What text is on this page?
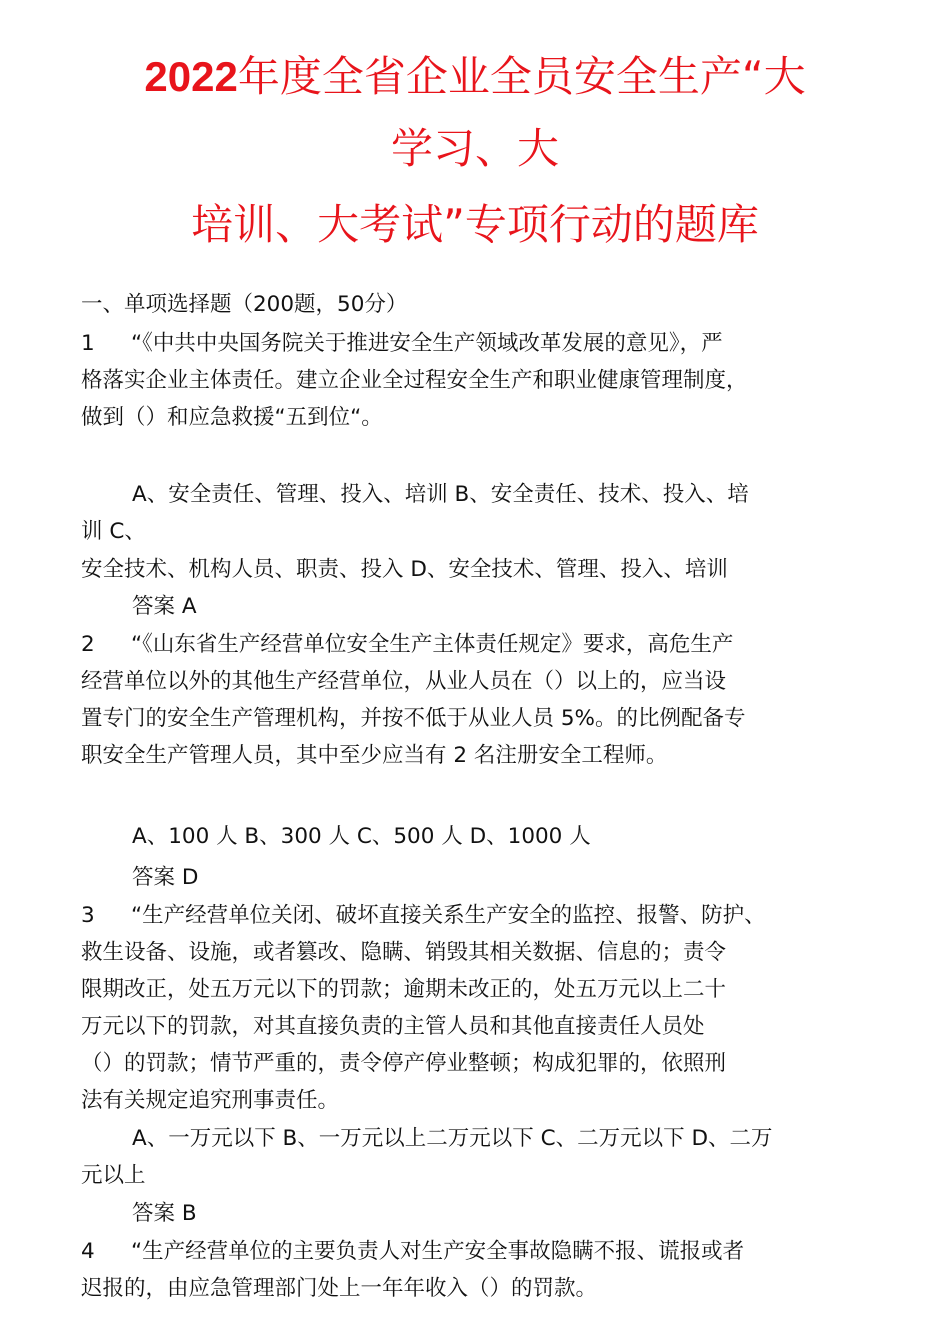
2022年度全省企业全员安全生产“大
学习、大
培训、大考试”专项行动的题库
一、单项选择题（200题，50分）
1 “《中共中央国务院关于推进安全生产领域改革发展的意见》，严
格落实企业主体责任。建立企业全过程安全生产和职业健康管理制度，
做到（）和应急救援“五到位“。
A、安全责任、管理、投入、培训 B、安全责任、技术、投入、培
训 C、
安全技术、机构人员、职责、投入 D、安全技术、管理、投入、培训
答案 A
2 “《山东省生产经营单位安全生产主体责任规定》要求，高危生产
经营单位以外的其他生产经营单位，从业人员在（）以上的，应当设
置专门的安全生产管理机构，并按不低于从业人员 5%。的比例配备专
职安全生产管理人员，其中至少应当有 2 名注册安全工程师。
A、100 人 B、300 人 C、500 人 D、1000 人
答案 D
3 “生产经营单位关闭、破坏直接关系生产安全的监控、报警、防护、
救生设备、设施，或者篡改、隐瞒、销毁其相关数据、信息的；责令
限期改正，处五万元以下的罚款；逾期未改正的，处五万元以上二十
万元以下的罚款，对其直接负责的主管人员和其他直接责任人员处
（）的罚款；情节严重的，责令停产停业整顿；构成犯罪的，依照刑
法有关规定追究刑事责任。
A、一万元以下 B、一万元以上二万元以下 C、二万元以下 D、二万
元以上
答案 B
4 “生产经营单位的主要负责人对生产安全事故隐瞒不报、谎报或者
迟报的，由应急管理部门处上一年年收入（）的罚款。
